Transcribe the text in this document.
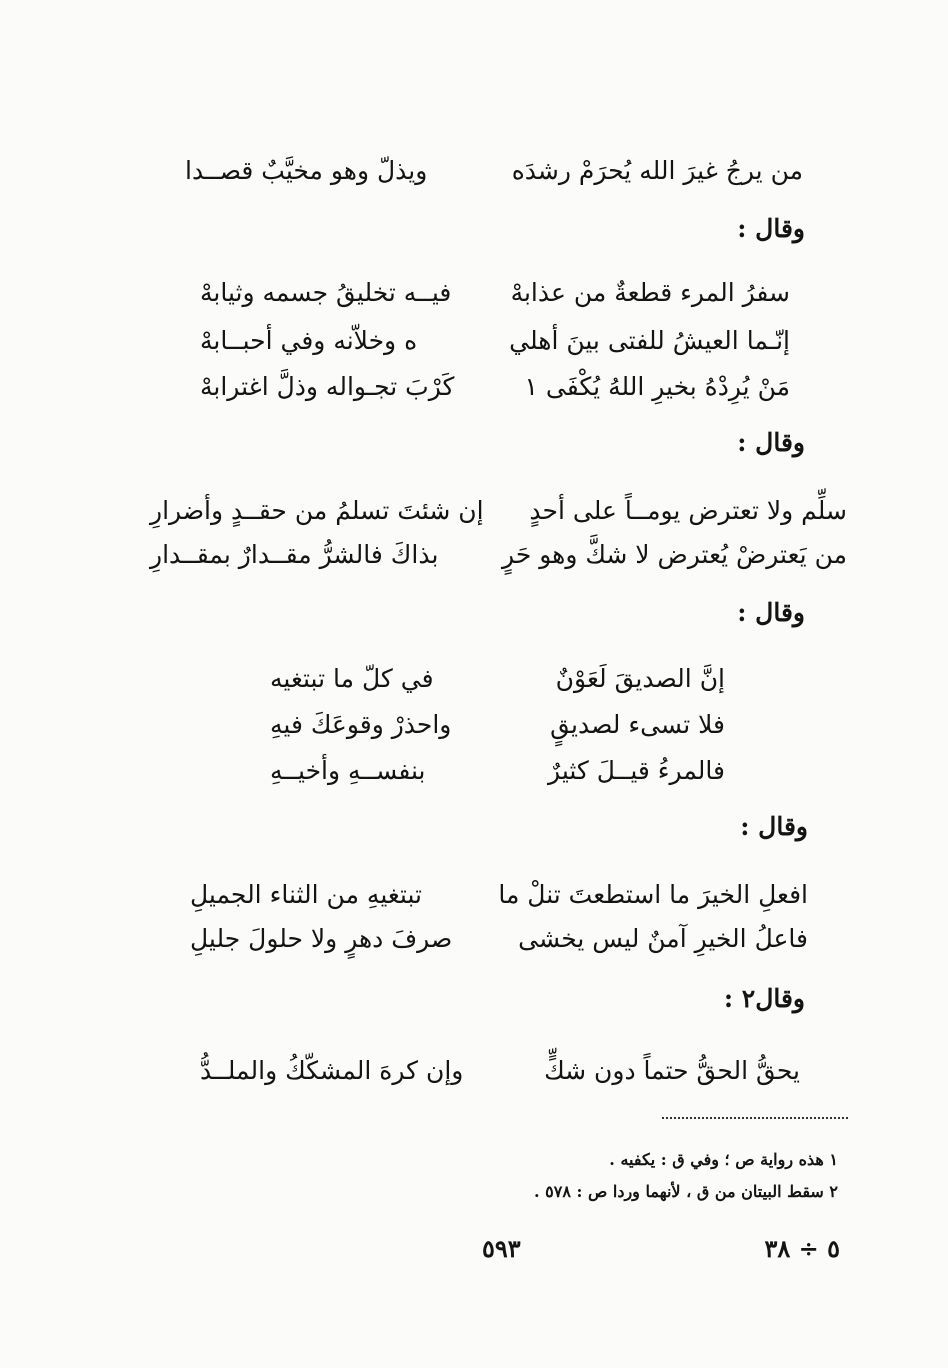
من يرجُ غيرَ الله يُحرَمْ رشدَه
ويذلّ وهو مخيَّبٌ قصــدا
وقال :
سفرُ المرء قطعةٌ من عذابهْ
فيــه تخليقُ جسمه وثيابهْ
إنّـما العيشُ للفتى بينَ أهلي
ه وخلاّنه وفي أحبــابهْ
مَنْ يُرِدْهُ بخيرِ اللهُ يُكْفَى ١
كَرْبَ تجـواله وذلَّ اغترابهْ
وقال :
سلِّم ولا تعترض يومــاً على أحدٍ
إن شئتَ تسلمُ من حقــدٍ وأضرارِ
من يَعترضْ يُعترض لا شكَّ وهو حَرٍ
بذاكَ فالشرُّ مقــدارٌ بمقــدارِ
وقال :
إنَّ الصديقَ لَعَوْنٌ
في كلّ ما تبتغيه
فلا تسىء لصديقٍ
واحذرْ وقوعَكَ فيهِ
فالمرءُ قيــلَ كثيرٌ
بنفســهِ وأخيــهِ
وقال :
افعلِ الخيرَ ما استطعتَ تنلْ ما
تبتغيهِ من الثناء الجميلِ
فاعلُ الخيرِ آمنٌ ليس يخشى
صرفَ دهرٍ ولا حلولَ جليلِ
وقال٢ :
يحقُّ الحقُّ حتماً دون شكٍّ
وإن كرهَ المشكّكُ والملــدُّ
١ هذه رواية ص ؛ وفي ق : يكفيه .
٢ سقط البيتان من ق ، لأنهما وردا ص : ٥٧٨ .
٥٩٣	٥ ÷ ٣٨
